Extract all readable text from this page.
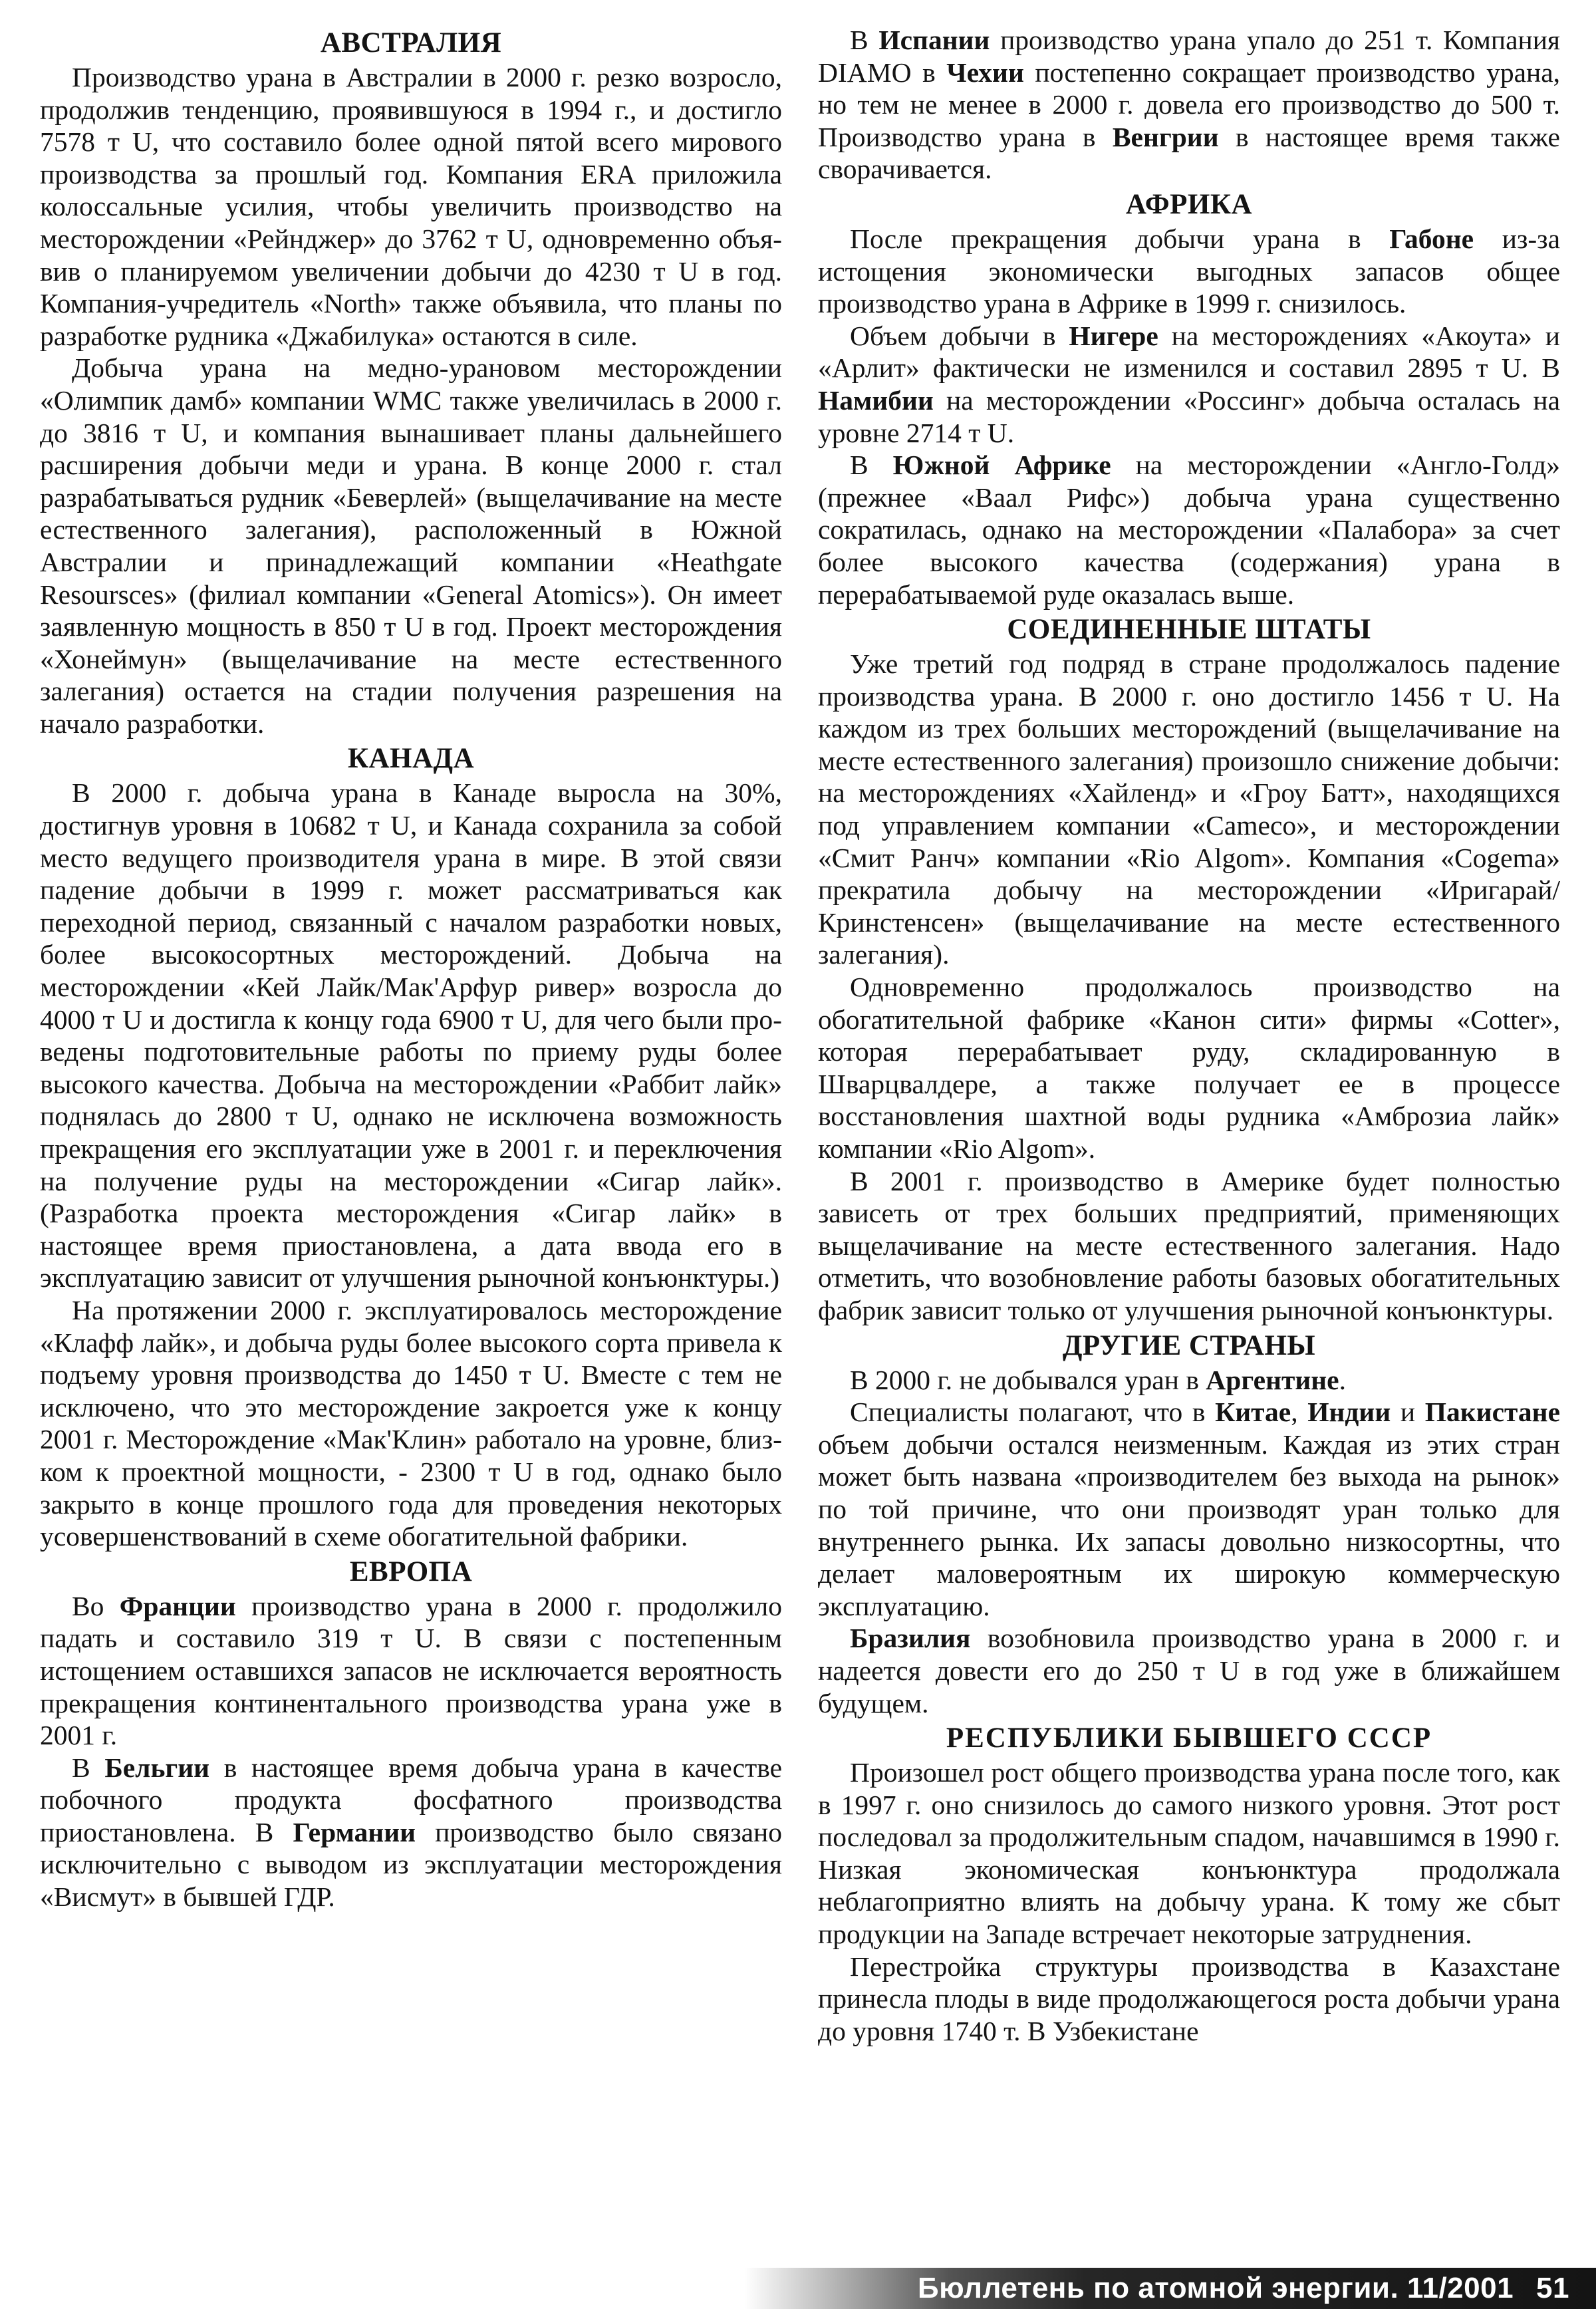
АВСТРАЛИЯ

Производство урана в Австралии в 2000 г. резко возросло, продолжив тенденцию, проявившуюся в 1994 г., и достигло 7578 т U, что составило более одной пятой всего мирового производства за прошлый год. Компания ERA приложила колоссальные усилия, чтобы увеличить производство на месторождении «Рейнджер» до 3762 т U, одновременно объявив о планируемом увеличении добычи до 4230 т U в год. Компания-учредитель «North» также объявила, что планы по разработке рудника «Джабилука» остаются в силе.

Добыча урана на медно-урановом месторождении «Олимпик дамб» компании WMC также увеличилась в 2000 г. до 3816 т U, и компания вынашивает планы дальнейшего расширения добычи меди и урана. В конце 2000 г. стал разрабатываться рудник «Беверлей» (выщелачивание на месте естественного залегания), расположенный в Южной Австралии и принадлежащий компании «Heathgate Resoursces» (филиал компании «General Atomics»). Он имеет заявленную мощность в 850 т U в год. Проект месторождения «Хонеймун» (выщелачивание на месте естественного залегания) остается на стадии получения разрешения на начало разработки.

КАНАДА

В 2000 г. добыча урана в Канаде выросла на 30%, достигнув уровня в 10682 т U, и Канада сохранила за собой место ведущего производителя урана в мире. В этой связи падение добычи в 1999 г. может рассматриваться как переходной период, связанный с началом разработки новых, более высокосортных месторождений. Добыча на месторождении «Кей Лайк/Мак'Арфур ривер» возросла до 4000 т U и достигла к концу года 6900 т U, для чего были проведены подготовительные работы по приему руды более высокого качества. Добыча на месторождении «Раббит лайк» поднялась до 2800 т U, однако не исключена возможность прекращения его эксплуатации уже в 2001 г. и переключения на получение руды на месторождении «Сигар лайк». (Разработка проекта месторождения «Сигар лайк» в настоящее время приостановлена, а дата ввода его в эксплуатацию зависит от улучшения рыночной конъюнктуры.)

На протяжении 2000 г. эксплуатировалось месторождение «Клафф лайк», и добыча руды более высокого сорта привела к подъему уровня производства до 1450 т U. Вместе с тем не исключено, что это месторождение закроется уже к концу 2001 г. Месторождение «Мак'Клин» работало на уровне, близком к проектной мощности, - 2300 т U в год, однако было закрыто в конце прошлого года для проведения некоторых усовершенствований в схеме обогатительной фабрики.

ЕВРОПА

Во Франции производство урана в 2000 г. продолжило падать и составило 319 т U. В связи с постепенным истощением оставшихся запасов не исключается вероятность прекращения континентального производства урана уже в 2001 г.

В Бельгии в настоящее время добыча урана в качестве побочного продукта фосфатного производства приостановлена. В Германии производство было связано исключительно с выводом из эксплуатации месторождения «Висмут» в бывшей ГДР.

В Испании производство урана упало до 251 т. Компания DIAMO в Чехии постепенно сокращает производство урана, но тем не менее в 2000 г. довела его производство до 500 т. Производство урана в Венгрии в настоящее время также сворачивается.

АФРИКА

После прекращения добычи урана в Габоне из-за истощения экономически выгодных запасов общее производство урана в Африке в 1999 г. снизилось.

Объем добычи в Нигере на месторождениях «Акоута» и «Арлит» фактически не изменился и составил 2895 т U. В Намибии на месторождении «Россинг» добыча осталась на уровне 2714 т U.

В Южной Африке на месторождении «Англо-Голд» (прежнее «Ваал Рифс») добыча урана существенно сократилась, однако на месторождении «Палабора» за счет более высокого качества (содержания) урана в перерабатываемой руде оказалась выше.

СОЕДИНЕННЫЕ ШТАТЫ

Уже третий год подряд в стране продолжалось падение производства урана. В 2000 г. оно достигло 1456 т U. На каждом из трех больших месторождений (выщелачивание на месте естественного залегания) произошло снижение добычи: на месторождениях «Хайленд» и «Гроу Батт», находящихся под управлением компании «Cameco», и месторождении «Смит Ранч» компании «Rio Algom». Компания «Cogema» прекратила добычу на месторождении «Иригарай/Кринстенсен» (выщелачивание на месте естественного залегания).

Одновременно продолжалось производство на обогатительной фабрике «Канон сити» фирмы «Cotter», которая перерабатывает руду, складированную в Шварцвалдере, а также получает ее в процессе восстановления шахтной воды рудника «Амброзиа лайк» компании «Rio Algom».

В 2001 г. производство в Америке будет полностью зависеть от трех больших предприятий, применяющих выщелачивание на месте естественного залегания. Надо отметить, что возобновление работы базовых обогатительных фабрик зависит только от улучшения рыночной конъюнктуры.

ДРУГИЕ СТРАНЫ

В 2000 г. не добывался уран в Аргентине.

Специалисты полагают, что в Китае, Индии и Пакистане объем добычи остался неизменным. Каждая из этих стран может быть названа «производителем без выхода на рынок» по той причине, что они производят уран только для внутреннего рынка. Их запасы довольно низкосортны, что делает маловероятным их широкую коммерческую эксплуатацию.

Бразилия возобновила производство урана в 2000 г. и надеется довести его до 250 т U в год уже в ближайшем будущем.

РЕСПУБЛИКИ БЫВШЕГО СССР

Произошел рост общего производства урана после того, как в 1997 г. оно снизилось до самого низкого уровня. Этот рост последовал за продолжительным спадом, начавшимся в 1990 г. Низкая экономическая конъюнктура продолжала неблагоприятно влиять на добычу урана. К тому же сбыт продукции на Западе встречает некоторые затруднения.

Перестройка структуры производства в Казахстане принесла плоды в виде продолжающегося роста добычи урана до уровня 1740 т. В Узбекистане

Бюллетень по атомной энергии. 11/2001 51
